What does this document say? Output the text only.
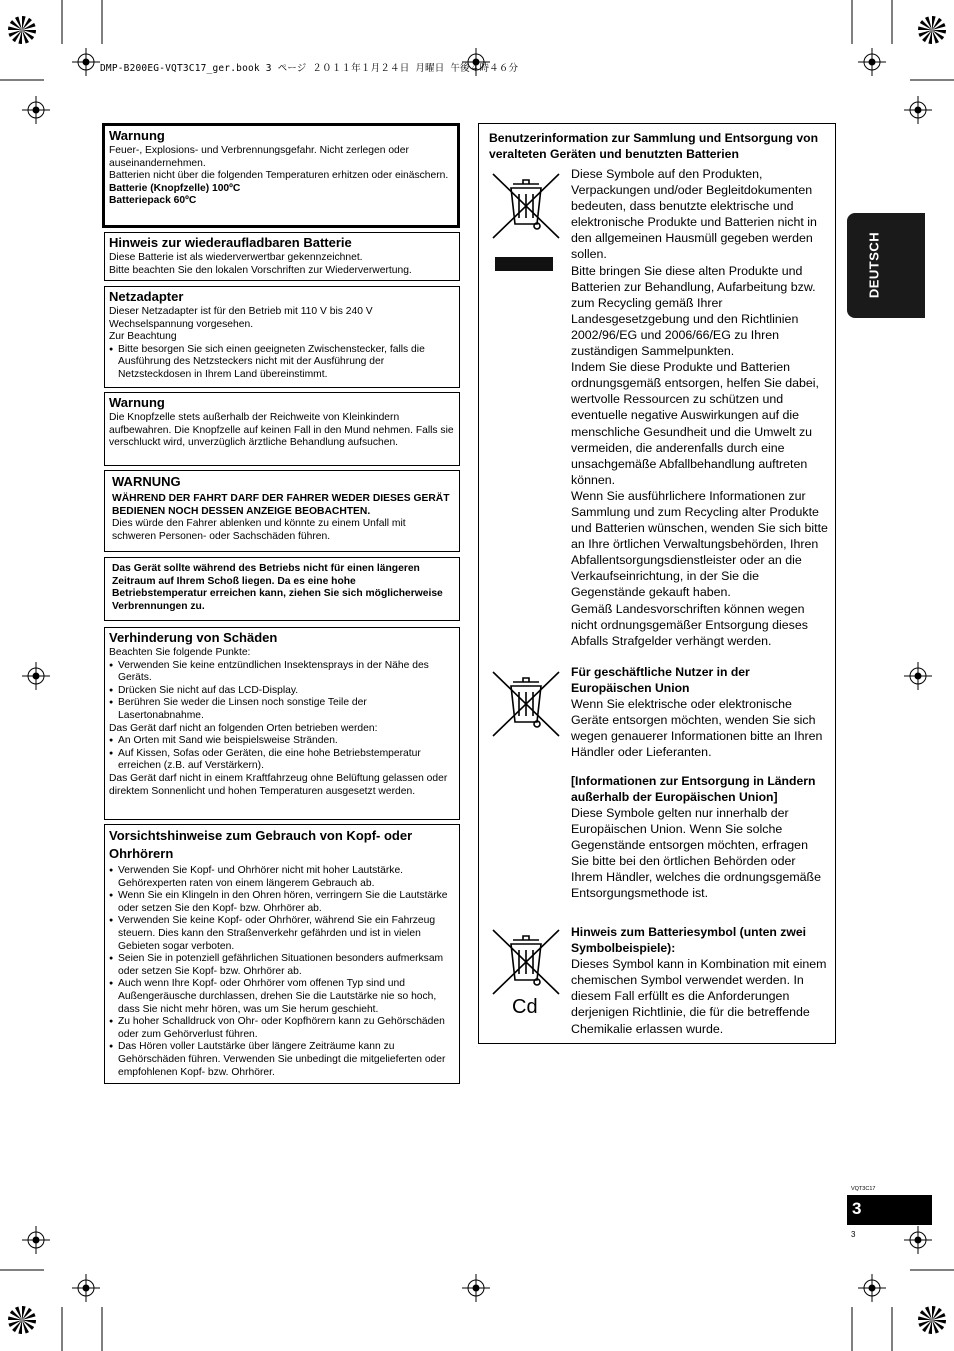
DMP-B200EG-VQT3C17_ger.book 3 ページ ２０１１年１月２４日 月曜日 午後４時４６分
Warnung

Feuer-, Explosions- und Verbrennungsgefahr. Nicht zerlegen oder auseinandernehmen.

Batterien nicht über die folgenden Temperaturen erhitzen oder einäschern.

Batterie (Knopfzelle) 100ºC

Batteriepack 60ºC

Hinweis zur wiederaufladbaren Batterie

Diese Batterie ist als wiederverwertbar gekennzeichnet.

Bitte beachten Sie den lokalen Vorschriften zur Wiederverwertung.

Netzadapter

Dieser Netzadapter ist für den Betrieb mit 110 V bis 240 V Wechselspannung vorgesehen.

Zur Beachtung

● Bitte besorgen Sie sich einen geeigneten Zwischenstecker, falls die Ausführung des Netzsteckers nicht mit der Ausführung der Netzsteckdosen in Ihrem Land übereinstimmt.

Warnung

Die Knopfzelle stets außerhalb der Reichweite von Kleinkindern aufbewahren. Die Knopfzelle auf keinen Fall in den Mund nehmen. Falls sie verschluckt wird, unverzüglich ärztliche Behandlung aufsuchen.

WARNUNG

WÄHREND DER FAHRT DARF DER FAHRER WEDER DIESES GERÄT BEDIENEN NOCH DESSEN ANZEIGE BEOBACHTEN.

Dies würde den Fahrer ablenken und könnte zu einem Unfall mit schweren Personen- oder Sachschäden führen.

Das Gerät sollte während des Betriebs nicht für einen längeren Zeitraum auf Ihrem Schoß liegen. Da es eine hohe Betriebstemperatur erreichen kann, ziehen Sie sich möglicherweise Verbrennungen zu.

Verhinderung von Schäden

Beachten Sie folgende Punkte:

● Verwenden Sie keine entzündlichen Insektensprays in der Nähe des Geräts.

● Drücken Sie nicht auf das LCD-Display.

● Berühren Sie weder die Linsen noch sonstige Teile der Lasertonabnahme.

Das Gerät darf nicht an folgenden Orten betrieben werden:

● An Orten mit Sand wie beispielsweise Stränden.

● Auf Kissen, Sofas oder Geräten, die eine hohe Betriebstemperatur erreichen (z.B. auf Verstärkern).

Das Gerät darf nicht in einem Kraftfahrzeug ohne Belüftung gelassen oder direktem Sonnenlicht und hohen Temperaturen ausgesetzt werden.

Vorsichtshinweise zum Gebrauch von Kopf- oder Ohrhörern

● Verwenden Sie Kopf- und Ohrhörer nicht mit hoher Lautstärke. Gehörexperten raten von einem längerem Gebrauch ab.

● Wenn Sie ein Klingeln in den Ohren hören, verringern Sie die Lautstärke oder setzen Sie den Kopf- bzw. Ohrhörer ab.

● Verwenden Sie keine Kopf- oder Ohrhörer, während Sie ein Fahrzeug steuern. Dies kann den Straßenverkehr gefährden und ist in vielen Gebieten sogar verboten.

● Seien Sie in potenziell gefährlichen Situationen besonders aufmerksam oder setzen Sie Kopf- bzw. Ohrhörer ab.

● Auch wenn Ihre Kopf- oder Ohrhörer vom offenen Typ sind und Außengeräusche durchlassen, drehen Sie die Lautstärke nie so hoch, dass Sie nicht mehr hören, was um Sie herum geschieht.

● Zu hoher Schalldruck von Ohr- oder Kopfhörern kann zu Gehörschäden oder zum Gehörverlust führen.

● Das Hören voller Lautstärke über längere Zeiträume kann zu Gehörschäden führen. Verwenden Sie unbedingt die mitgelieferten oder empfohlenen Kopf- bzw. Ohrhörer.

Benutzerinformation zur Sammlung und Entsorgung von veralteten Geräten und benutzten Batterien

Diese Symbole auf den Produkten, Verpackungen und/oder Begleitdokumenten bedeuten, dass benutzte elektrische und elektronische Produkte und Batterien nicht in den allgemeinen Hausmüll gegeben werden sollen.

Bitte bringen Sie diese alten Produkte und Batterien zur Behandlung, Aufarbeitung bzw. zum Recycling gemäß Ihrer Landesgesetzgebung und den Richtlinien 2002/96/EG und 2006/66/EG zu Ihren zuständigen Sammelpunkten.

Indem Sie diese Produkte und Batterien ordnungsgemäß entsorgen, helfen Sie dabei, wertvolle Ressourcen zu schützen und eventuelle negative Auswirkungen auf die menschliche Gesundheit und die Umwelt zu vermeiden, die anderenfalls durch eine unsachgemäße Abfallbehandlung auftreten können.

Wenn Sie ausführlichere Informationen zur Sammlung und zum Recycling alter Produkte und Batterien wünschen, wenden Sie sich bitte an Ihre örtlichen Verwaltungsbehörden, Ihren Abfallentsorgungsdienstleister oder an die Verkaufseinrichtung, in der Sie die Gegenstände gekauft haben.

Gemäß Landesvorschriften können wegen nicht ordnungsgemäßer Entsorgung dieses Abfalls Strafgelder verhängt werden.

Für geschäftliche Nutzer in der Europäischen Union

Wenn Sie elektrische oder elektronische Geräte entsorgen möchten, wenden Sie sich wegen genauerer Informationen bitte an Ihren Händler oder Lieferanten.

[Informationen zur Entsorgung in Ländern außerhalb der Europäischen Union]

Diese Symbole gelten nur innerhalb der Europäischen Union. Wenn Sie solche Gegenstände entsorgen möchten, erfragen Sie bitte bei den örtlichen Behörden oder Ihrem Händler, welches die ordnungsgemäße Entsorgungsmethode ist.

Cd

Hinweis zum Batteriesymbol (unten zwei Symbolbeispiele):

Dieses Symbol kann in Kombination mit einem chemischen Symbol verwendet werden. In diesem Fall erfüllt es die Anforderungen derjenigen Richtlinie, die für die betreffende Chemikalie erlassen wurde.

DEUTSCH
VQT3C17
3
3
